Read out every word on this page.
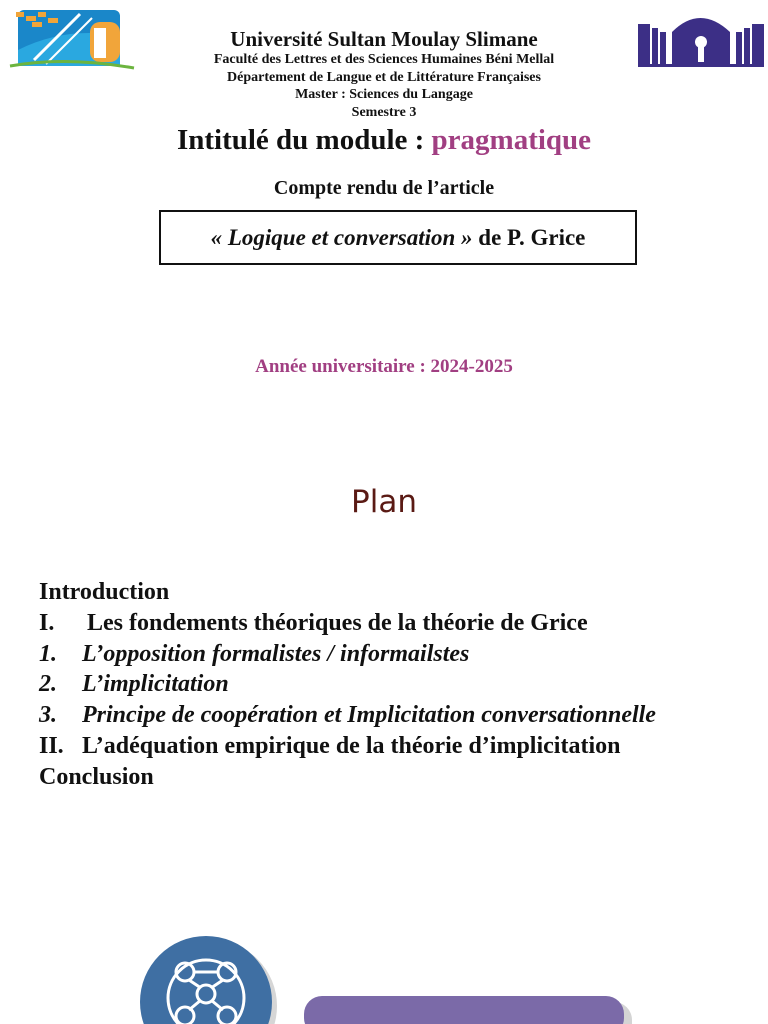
Université Sultan Moulay Slimane
Faculté des Lettres et des Sciences Humaines Béni Mellal
Département de Langue et de Littérature Françaises
Master : Sciences du Langage
Semestre 3
Intitulé du module : pragmatique
Compte rendu de l’article
« Logique et conversation »
de P. Grice
Année universitaire : 2024-2025
Plan
Introduction
I.	Les fondements théoriques de la théorie de Grice
1.	L’opposition formalistes / informailstes
2.	L’implicitation
3.	Principe de coopération et Implicitation conversationnelle
II. L’adéquation empirique de la théorie d’implicitation
Conclusion
